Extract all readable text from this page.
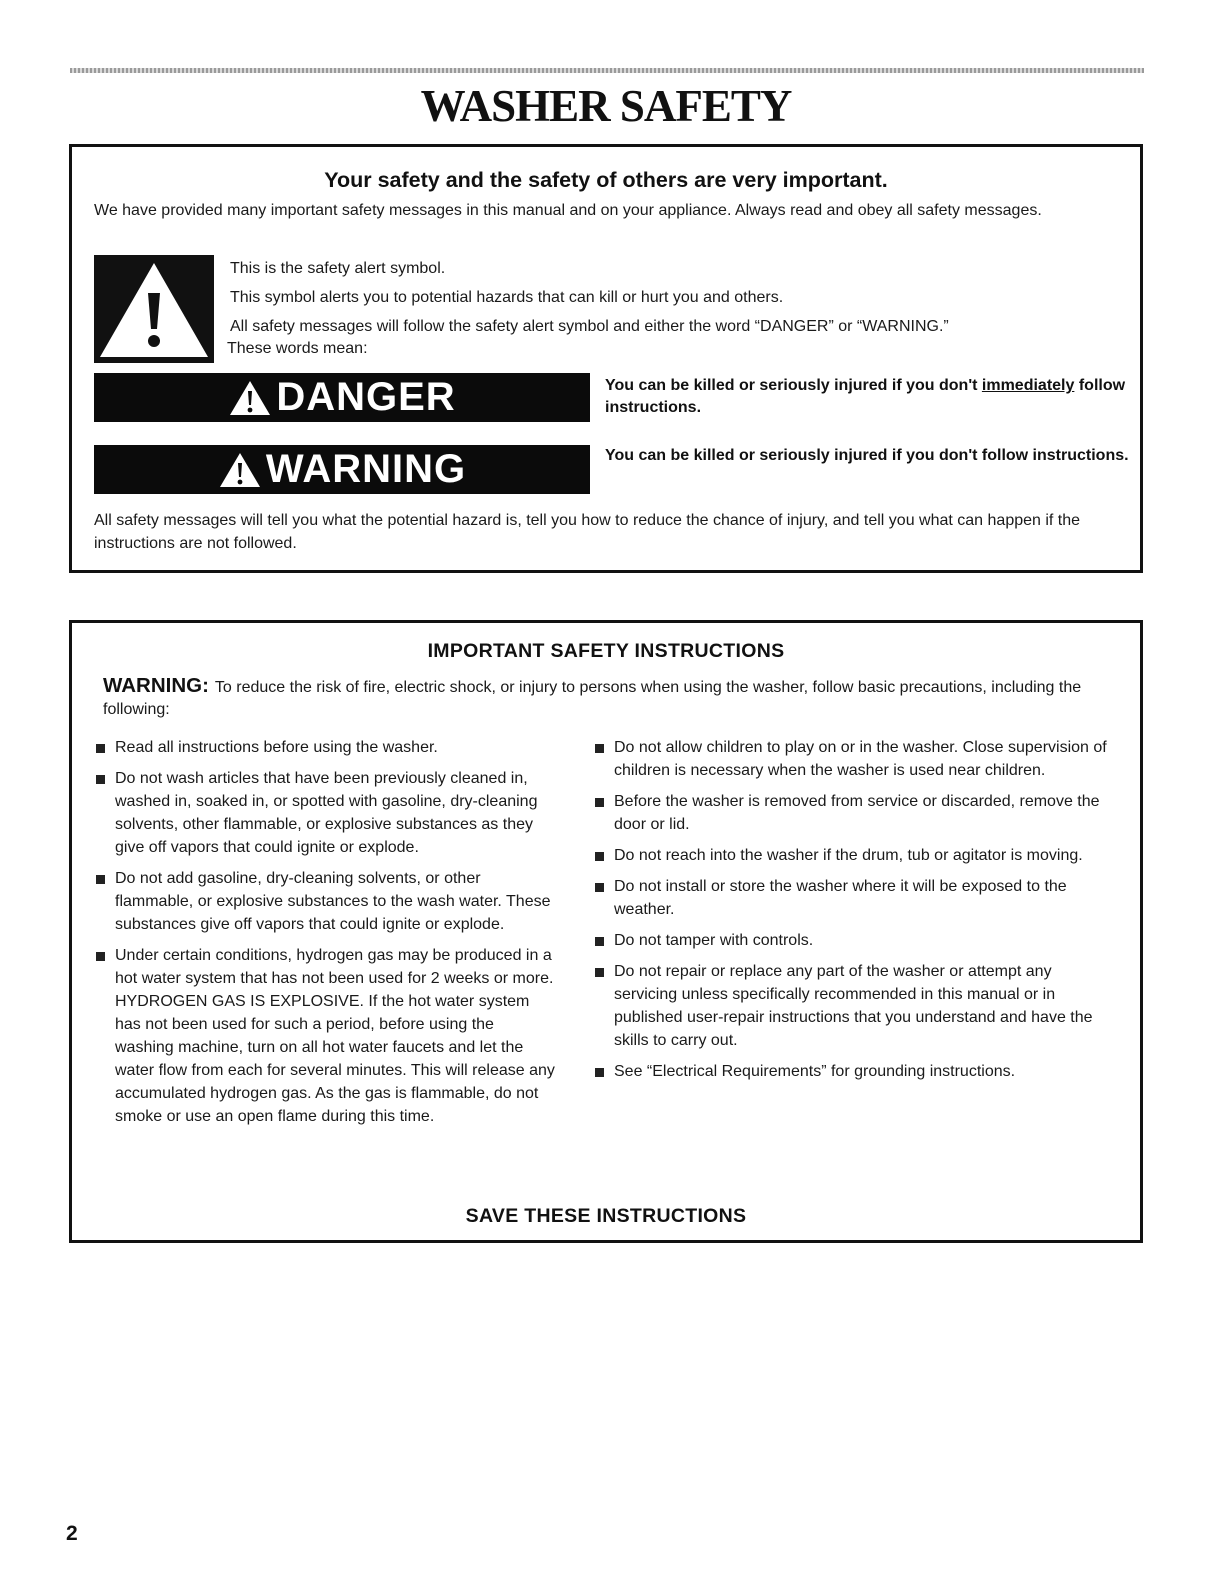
WASHER SAFETY
Your safety and the safety of others are very important.
We have provided many important safety messages in this manual and on your appliance. Always read and obey all safety messages.
This is the safety alert symbol.
This symbol alerts you to potential hazards that can kill or hurt you and others.
All safety messages will follow the safety alert symbol and either the word “DANGER” or “WARNING.”
These words mean:
DANGER	You can be killed or seriously injured if you don't immediately follow instructions.
WARNING	You can be killed or seriously injured if you don't follow instructions.
All safety messages will tell you what the potential hazard is, tell you how to reduce the chance of injury, and tell you what can happen if the instructions are not followed.
IMPORTANT SAFETY INSTRUCTIONS
WARNING: To reduce the risk of fire, electric shock, or injury to persons when using the washer, follow basic precautions, including the following:
Read all instructions before using the washer.
Do not wash articles that have been previously cleaned in, washed in, soaked in, or spotted with gasoline, dry-cleaning solvents, other flammable, or explosive substances as they give off vapors that could ignite or explode.
Do not add gasoline, dry-cleaning solvents, or other flammable, or explosive substances to the wash water. These substances give off vapors that could ignite or explode.
Under certain conditions, hydrogen gas may be produced in a hot water system that has not been used for 2 weeks or more. HYDROGEN GAS IS EXPLOSIVE. If the hot water system has not been used for such a period, before using the washing machine, turn on all hot water faucets and let the water flow from each for several minutes. This will release any accumulated hydrogen gas. As the gas is flammable, do not smoke or use an open flame during this time.
Do not allow children to play on or in the washer. Close supervision of children is necessary when the washer is used near children.
Before the washer is removed from service or discarded, remove the door or lid.
Do not reach into the washer if the drum, tub or agitator is moving.
Do not install or store the washer where it will be exposed to the weather.
Do not tamper with controls.
Do not repair or replace any part of the washer or attempt any servicing unless specifically recommended in this manual or in published user-repair instructions that you understand and have the skills to carry out.
See “Electrical Requirements” for grounding instructions.
SAVE THESE INSTRUCTIONS
2
